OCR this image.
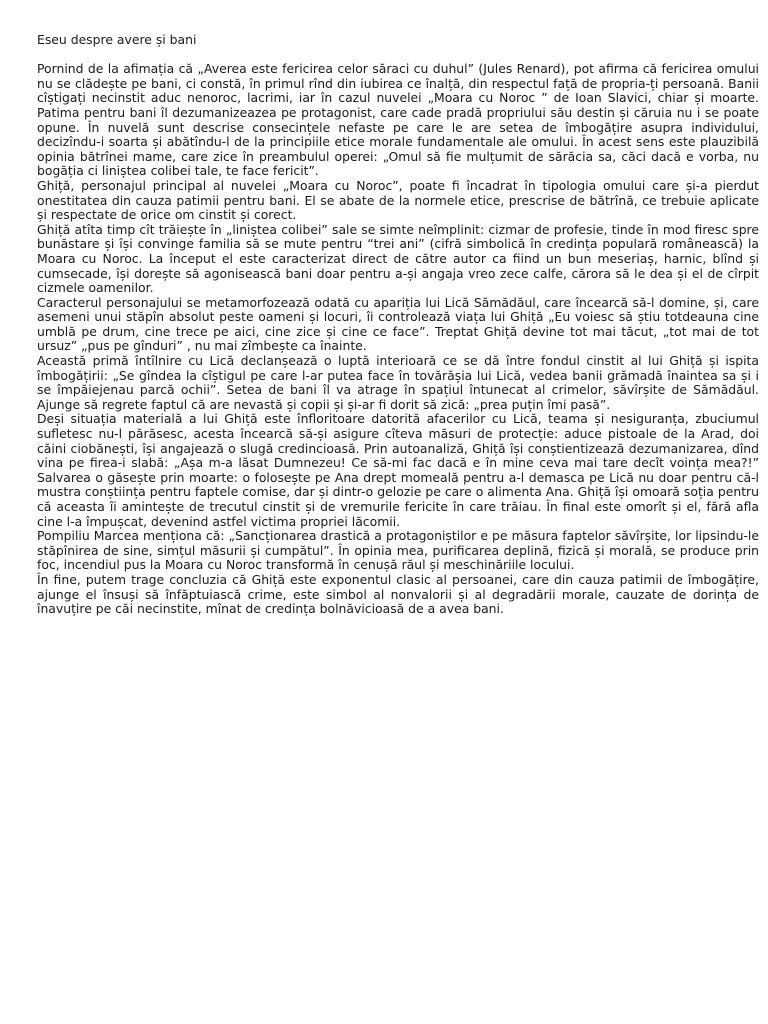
Eseu despre avere și bani

Pornind de la afimația că „Averea este fericirea celor săraci cu duhul” (Jules Renard), pot afirma că fericirea omului nu se clădește pe bani, ci constă, în primul rînd din iubirea ce înalță, din respectul față de propria-ți persoană. Banii cîștigați necinstit aduc nenoroc, lacrimi, iar în cazul nuvelei „Moara cu Noroc ” de Ioan Slavici, chiar și moarte. Patima pentru bani îl dezumanizeazea pe protagonist, care cade pradă propriului său destin și căruia nu i se poate opune. În nuvelă sunt descrise consecințele nefaste pe care le are setea de îmbogățire asupra individului, decizîndu-i soarta și abătîndu-l de la principiile etice morale fundamentale ale omului. În acest sens este plauzibilă opinia bătrînei mame, care zice în preambulul operei: „Omul să fie mulțumit de sărăcia sa, căci dacă e vorba, nu bogăția ci liniștea colibei tale, te face fericit”.

Ghiță, personajul principal al nuvelei „Moara cu Noroc”, poate fi încadrat în tipologia omului care și-a pierdut onestitatea din cauza patimii pentru bani. El se abate de la normele etice, prescrise de bătrînă, ce trebuie aplicate și respectate de orice om cinstit și corect.

Ghiță atîta timp cît trăiește în „liniștea colibei” sale se simte neîmplinit: cizmar de profesie, tinde în mod firesc spre bunăstare și își convinge familia să se mute pentru “trei ani” (cifră simbolică în credința populară românească) la Moara cu Noroc. La început el este caracterizat direct de către autor ca fiind un bun meseriaș, harnic, blînd și cumsecade, își dorește să agonisească bani doar pentru a-și angaja vreo zece calfe, cărora să le dea și el de cîrpit cizmele oamenilor.

Caracterul personajului se metamorfozează odată cu apariția lui Lică Sămădăul, care încearcă să-l domine, și, care asemeni unui stăpîn absolut peste oameni și locuri, îi controlează viața lui Ghiță „Eu voiesc să știu totdeauna cine umblă pe drum, cine trece pe aici, cine zice și cine ce face”. Treptat Ghiță devine tot mai tăcut, „tot mai de tot ursuz” „pus pe gînduri” , nu mai zîmbește ca înainte.

Această primă întîlnire cu Lică declanșează o luptă interioară ce se dă între fondul cinstit al lui Ghiță și ispita îmbogățirii: „Se gîndea la cîștigul pe care l-ar putea face în tovărășia lui Lică, vedea banii grămadă înaintea sa și i se împăiejenau parcă ochii”. Setea de bani îl va atrage în spațiul întunecat al crimelor, săvîrșite de Sămădăul. Ajunge să regrete faptul că are nevastă și copii și și-ar fi dorit să zică: „prea puțin îmi pasă”.

Deși situația materială a lui Ghiță este înfloritoare datorită afacerilor cu Lică, teama și nesiguranța, zbuciumul sufletesc nu-l părăsesc, acesta încearcă să-și asigure cîteva măsuri de protecție: aduce pistoale de la Arad, doi căini ciobănești, își angajează o slugă credincioasă. Prin autoanaliză, Ghiță își conștientizează dezumanizarea, dînd vina pe firea-i slabă: „Așa m-a lăsat Dumnezeu! Ce să-mi fac dacă e în mine ceva mai tare decît voința mea?!” Salvarea o găsește prin moarte: o folosește pe Ana drept momeală pentru a-l demasca pe Lică nu doar pentru că-l mustra conștiința pentru faptele comise, dar și dintr-o gelozie pe care o alimenta Ana. Ghiță își omoară soția pentru că aceasta îi amintește de trecutul cinstit și de vremurile fericite în care trăiau. În final este omorît și el, fără afla cine l-a împușcat, devenind astfel victima propriei lăcomii.

Pompiliu Marcea menționa că: „Sancționarea drastică a protagoniștilor e pe măsura faptelor săvîrșite, lor lipsindu-le stăpînirea de sine, simțul măsurii și cumpătul”. În opinia mea, purificarea deplină, fizică și morală, se produce prin foc, incendiul pus la Moara cu Noroc transformă în cenușă răul și meschinăriile locului.

În fine, putem trage concluzia că Ghiță este exponentul clasic al persoanei, care din cauza patimii de îmbogățire, ajunge el însuși să înfăptuiască crime, este simbol al nonvalorii și al degradării morale, cauzate de dorința de înavuțire pe căi necinstite, mînat de credința bolnăvicioasă de a avea bani.
